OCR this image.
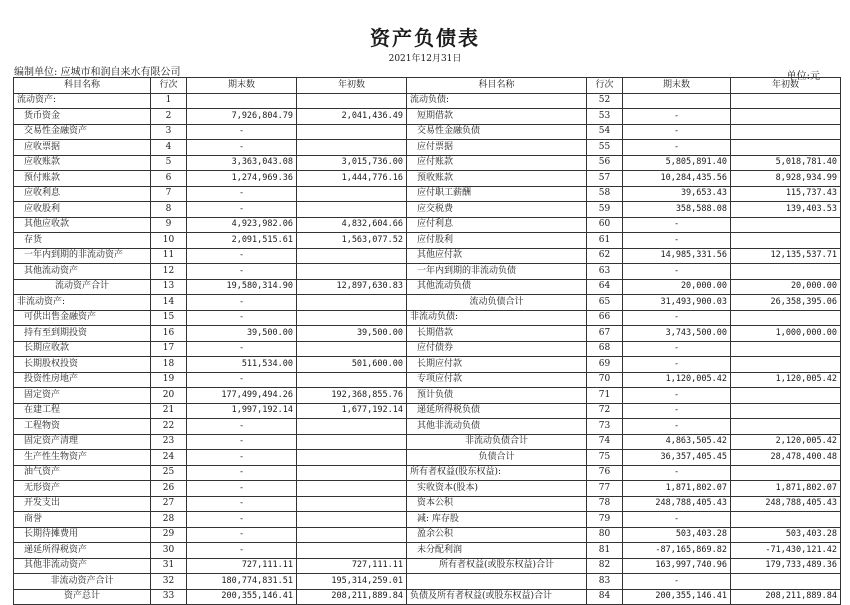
资产负债表
2021年12月31日
编制单位: 应城市和润自来水有限公司	单位:元
科目名称	行次	期末数	年初数	科目名称	行次	期末数	年初数
流动资产:	1			流动负债:	52		
货币资金	2	7,926,804.79	2,041,436.49	短期借款	53	-	
交易性金融资产	3	-		交易性金融负债	54	-	
应收票据	4	-		应付票据	55	-	
应收账款	5	3,363,043.08	3,015,736.00	应付账款	56	5,805,891.40	5,018,781.40
预付账款	6	1,274,969.36	1,444,776.16	预收账款	57	10,284,435.56	8,928,934.99
应收利息	7	-		应付职工薪酬	58	39,653.43	115,737.43
应收股利	8	-		应交税费	59	358,588.08	139,403.53
其他应收款	9	4,923,982.06	4,832,604.66	应付利息	60	-	
存货	10	2,091,515.61	1,563,077.52	应付股利	61	-	
一年内到期的非流动资产	11	-		其他应付款	62	14,985,331.56	12,135,537.71
其他流动资产	12	-		一年内到期的非流动负债	63	-	
流动资产合计	13	19,580,314.90	12,897,630.83	其他流动负债	64	20,000.00	20,000.00
非流动资产:	14	-		流动负债合计	65	31,493,900.03	26,358,395.06
可供出售金融资产	15	-		非流动负债:	66	-	
持有至到期投资	16	39,500.00	39,500.00	长期借款	67	3,743,500.00	1,000,000.00
长期应收款	17	-		应付债券	68	-	
长期股权投资	18	511,534.00	501,600.00	长期应付款	69	-	
投资性房地产	19	-		专项应付款	70	1,120,005.42	1,120,005.42
固定资产	20	177,499,494.26	192,368,855.76	预计负债	71	-	
在建工程	21	1,997,192.14	1,677,192.14	递延所得税负债	72	-	
工程物资	22	-		其他非流动负债	73	-	
固定资产清理	23	-		非流动负债合计	74	4,863,505.42	2,120,005.42
生产性生物资产	24	-		负债合计	75	36,357,405.45	28,478,400.48
油气资产	25	-		所有者权益(股东权益):	76	-	
无形资产	26	-		实收资本(股本)	77	1,871,802.07	1,871,802.07
开发支出	27	-		资本公积	78	248,788,405.43	248,788,405.43
商誉	28	-		减: 库存股	79	-	
长期待摊费用	29	-		盈余公积	80	503,403.28	503,403.28
递延所得税资产	30	-		未分配利润	81	-87,165,869.82	-71,430,121.42
其他非流动资产	31	727,111.11	727,111.11	所有者权益(或股东权益)合计	82	163,997,740.96	179,733,489.36
非流动资产合计	32	180,774,831.51	195,314,259.01		83	-	
资产总计	33	200,355,146.41	208,211,889.84	负债及所有者权益(或股东权益)合计	84	200,355,146.41	208,211,889.84
